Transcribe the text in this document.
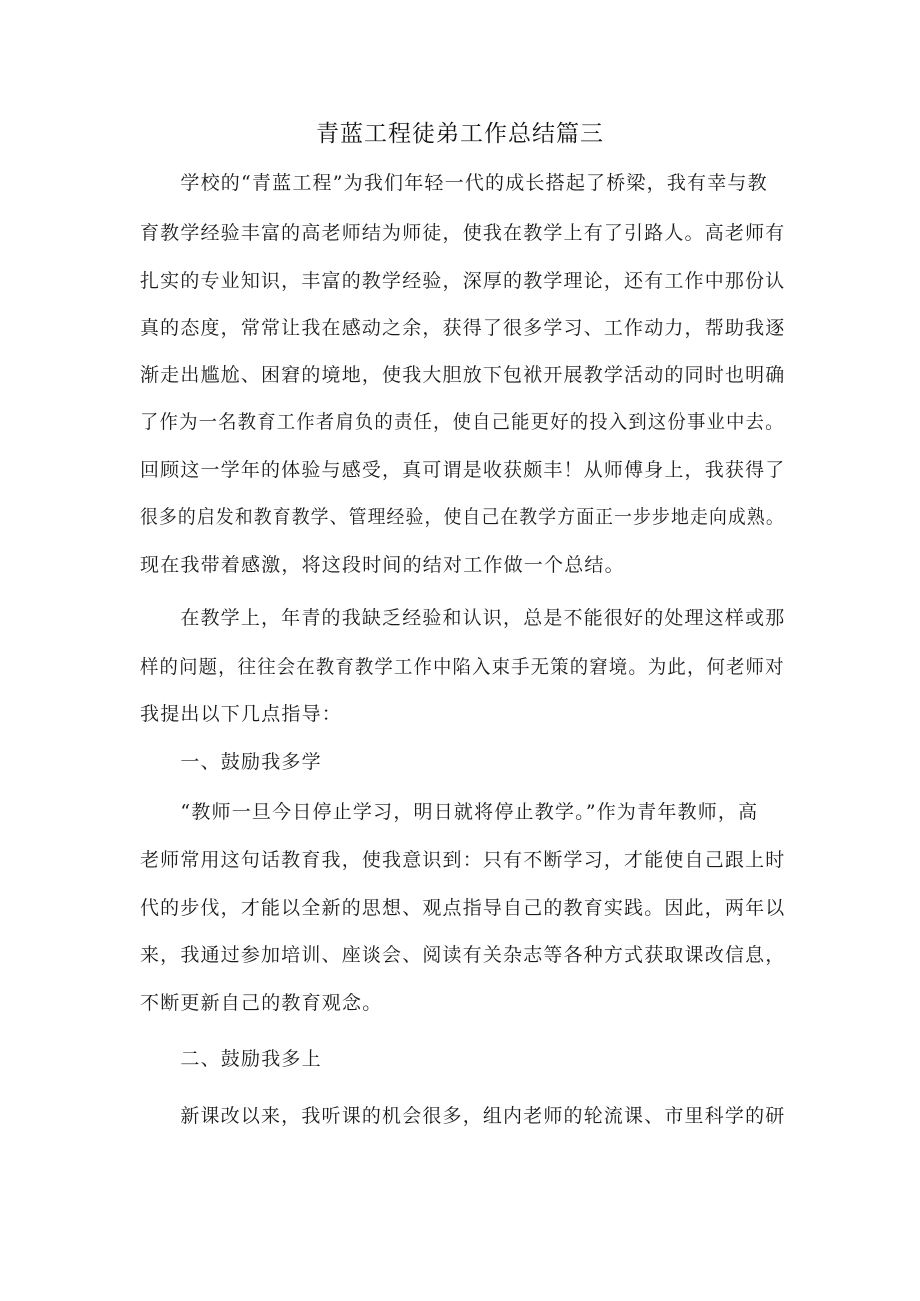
青蓝工程徒弟工作总结篇三

　　学校的“青蓝工程”为我们年轻一代的成长搭起了桥梁，我有幸与教

育教学经验丰富的高老师结为师徒，使我在教学上有了引路人。高老师有

扎实的专业知识，丰富的教学经验，深厚的教学理论，还有工作中那份认

真的态度，常常让我在感动之余，获得了很多学习、工作动力，帮助我逐

渐走出尴尬、困窘的境地，使我大胆放下包袱开展教学活动的同时也明确

了作为一名教育工作者肩负的责任，使自己能更好的投入到这份事业中去。

回顾这一学年的体验与感受，真可谓是收获颇丰！从师傅身上，我获得了

很多的启发和教育教学、管理经验，使自己在教学方面正一步步地走向成熟。

现在我带着感激，将这段时间的结对工作做一个总结。

　　在教学上，年青的我缺乏经验和认识，总是不能很好的处理这样或那

样的问题，往往会在教育教学工作中陷入束手无策的窘境。为此，何老师对

我提出以下几点指导：

　　一、鼓励我多学

　　“教师一旦今日停止学习，明日就将停止教学。”作为青年教师，高

老师常用这句话教育我，使我意识到：只有不断学习，才能使自己跟上时

代的步伐，才能以全新的思想、观点指导自己的教育实践。因此，两年以

来，我通过参加培训、座谈会、阅读有关杂志等各种方式获取课改信息，

不断更新自己的教育观念。

　　二、鼓励我多上

　　新课改以来，我听课的机会很多，组内老师的轮流课、市里科学的研
